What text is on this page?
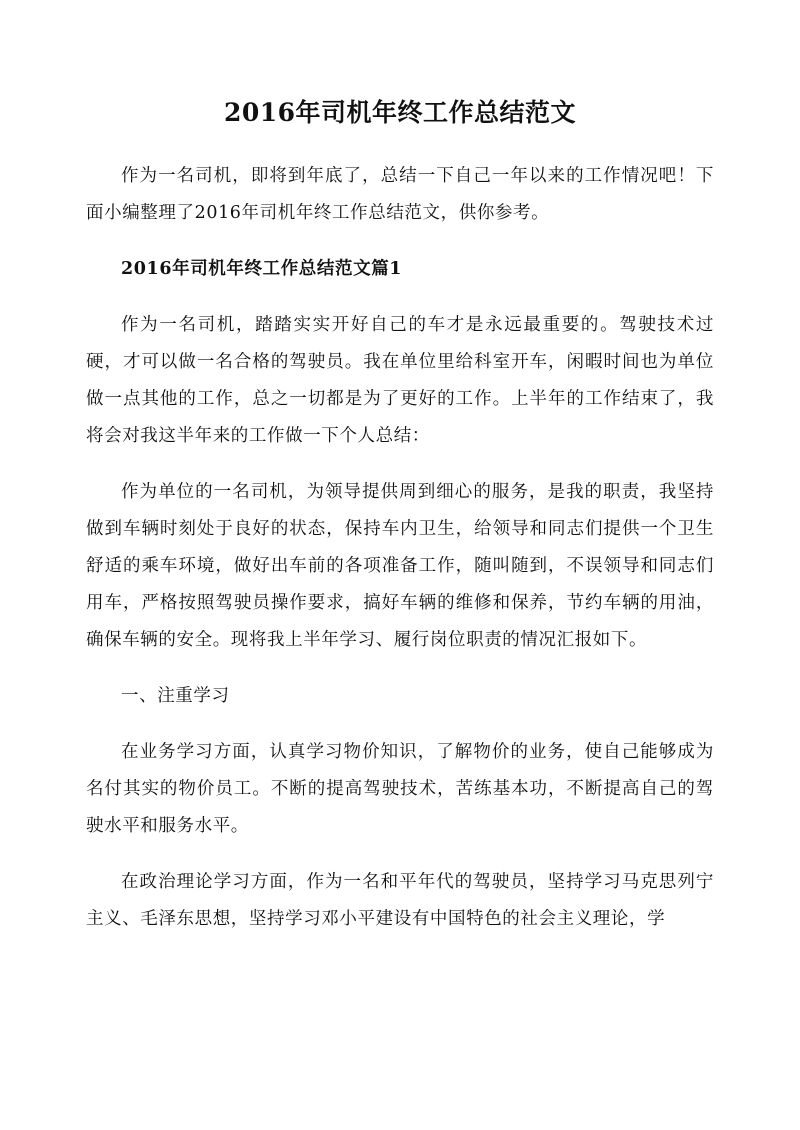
2016年司机年终工作总结范文

作为一名司机，即将到年底了，总结一下自己一年以来的工作情况吧！下面小编整理了2016年司机年终工作总结范文，供你参考。

2016年司机年终工作总结范文篇1

作为一名司机，踏踏实实开好自己的车才是永远最重要的。驾驶技术过硬，才可以做一名合格的驾驶员。我在单位里给科室开车，闲暇时间也为单位做一点其他的工作，总之一切都是为了更好的工作。上半年的工作结束了，我将会对我这半年来的工作做一下个人总结：

作为单位的一名司机，为领导提供周到细心的服务，是我的职责，我坚持做到车辆时刻处于良好的状态，保持车内卫生，给领导和同志们提供一个卫生舒适的乘车环境，做好出车前的各项准备工作，随叫随到，不误领导和同志们用车，严格按照驾驶员操作要求，搞好车辆的维修和保养，节约车辆的用油，确保车辆的安全。现将我上半年学习、履行岗位职责的情况汇报如下。

一、注重学习

在业务学习方面，认真学习物价知识，了解物价的业务，使自己能够成为名付其实的物价员工。不断的提高驾驶技术，苦练基本功，不断提高自己的驾驶水平和服务水平。

在政治理论学习方面，作为一名和平年代的驾驶员，坚持学习马克思列宁主义、毛泽东思想，坚持学习邓小平建设有中国特色的社会主义理论，学
